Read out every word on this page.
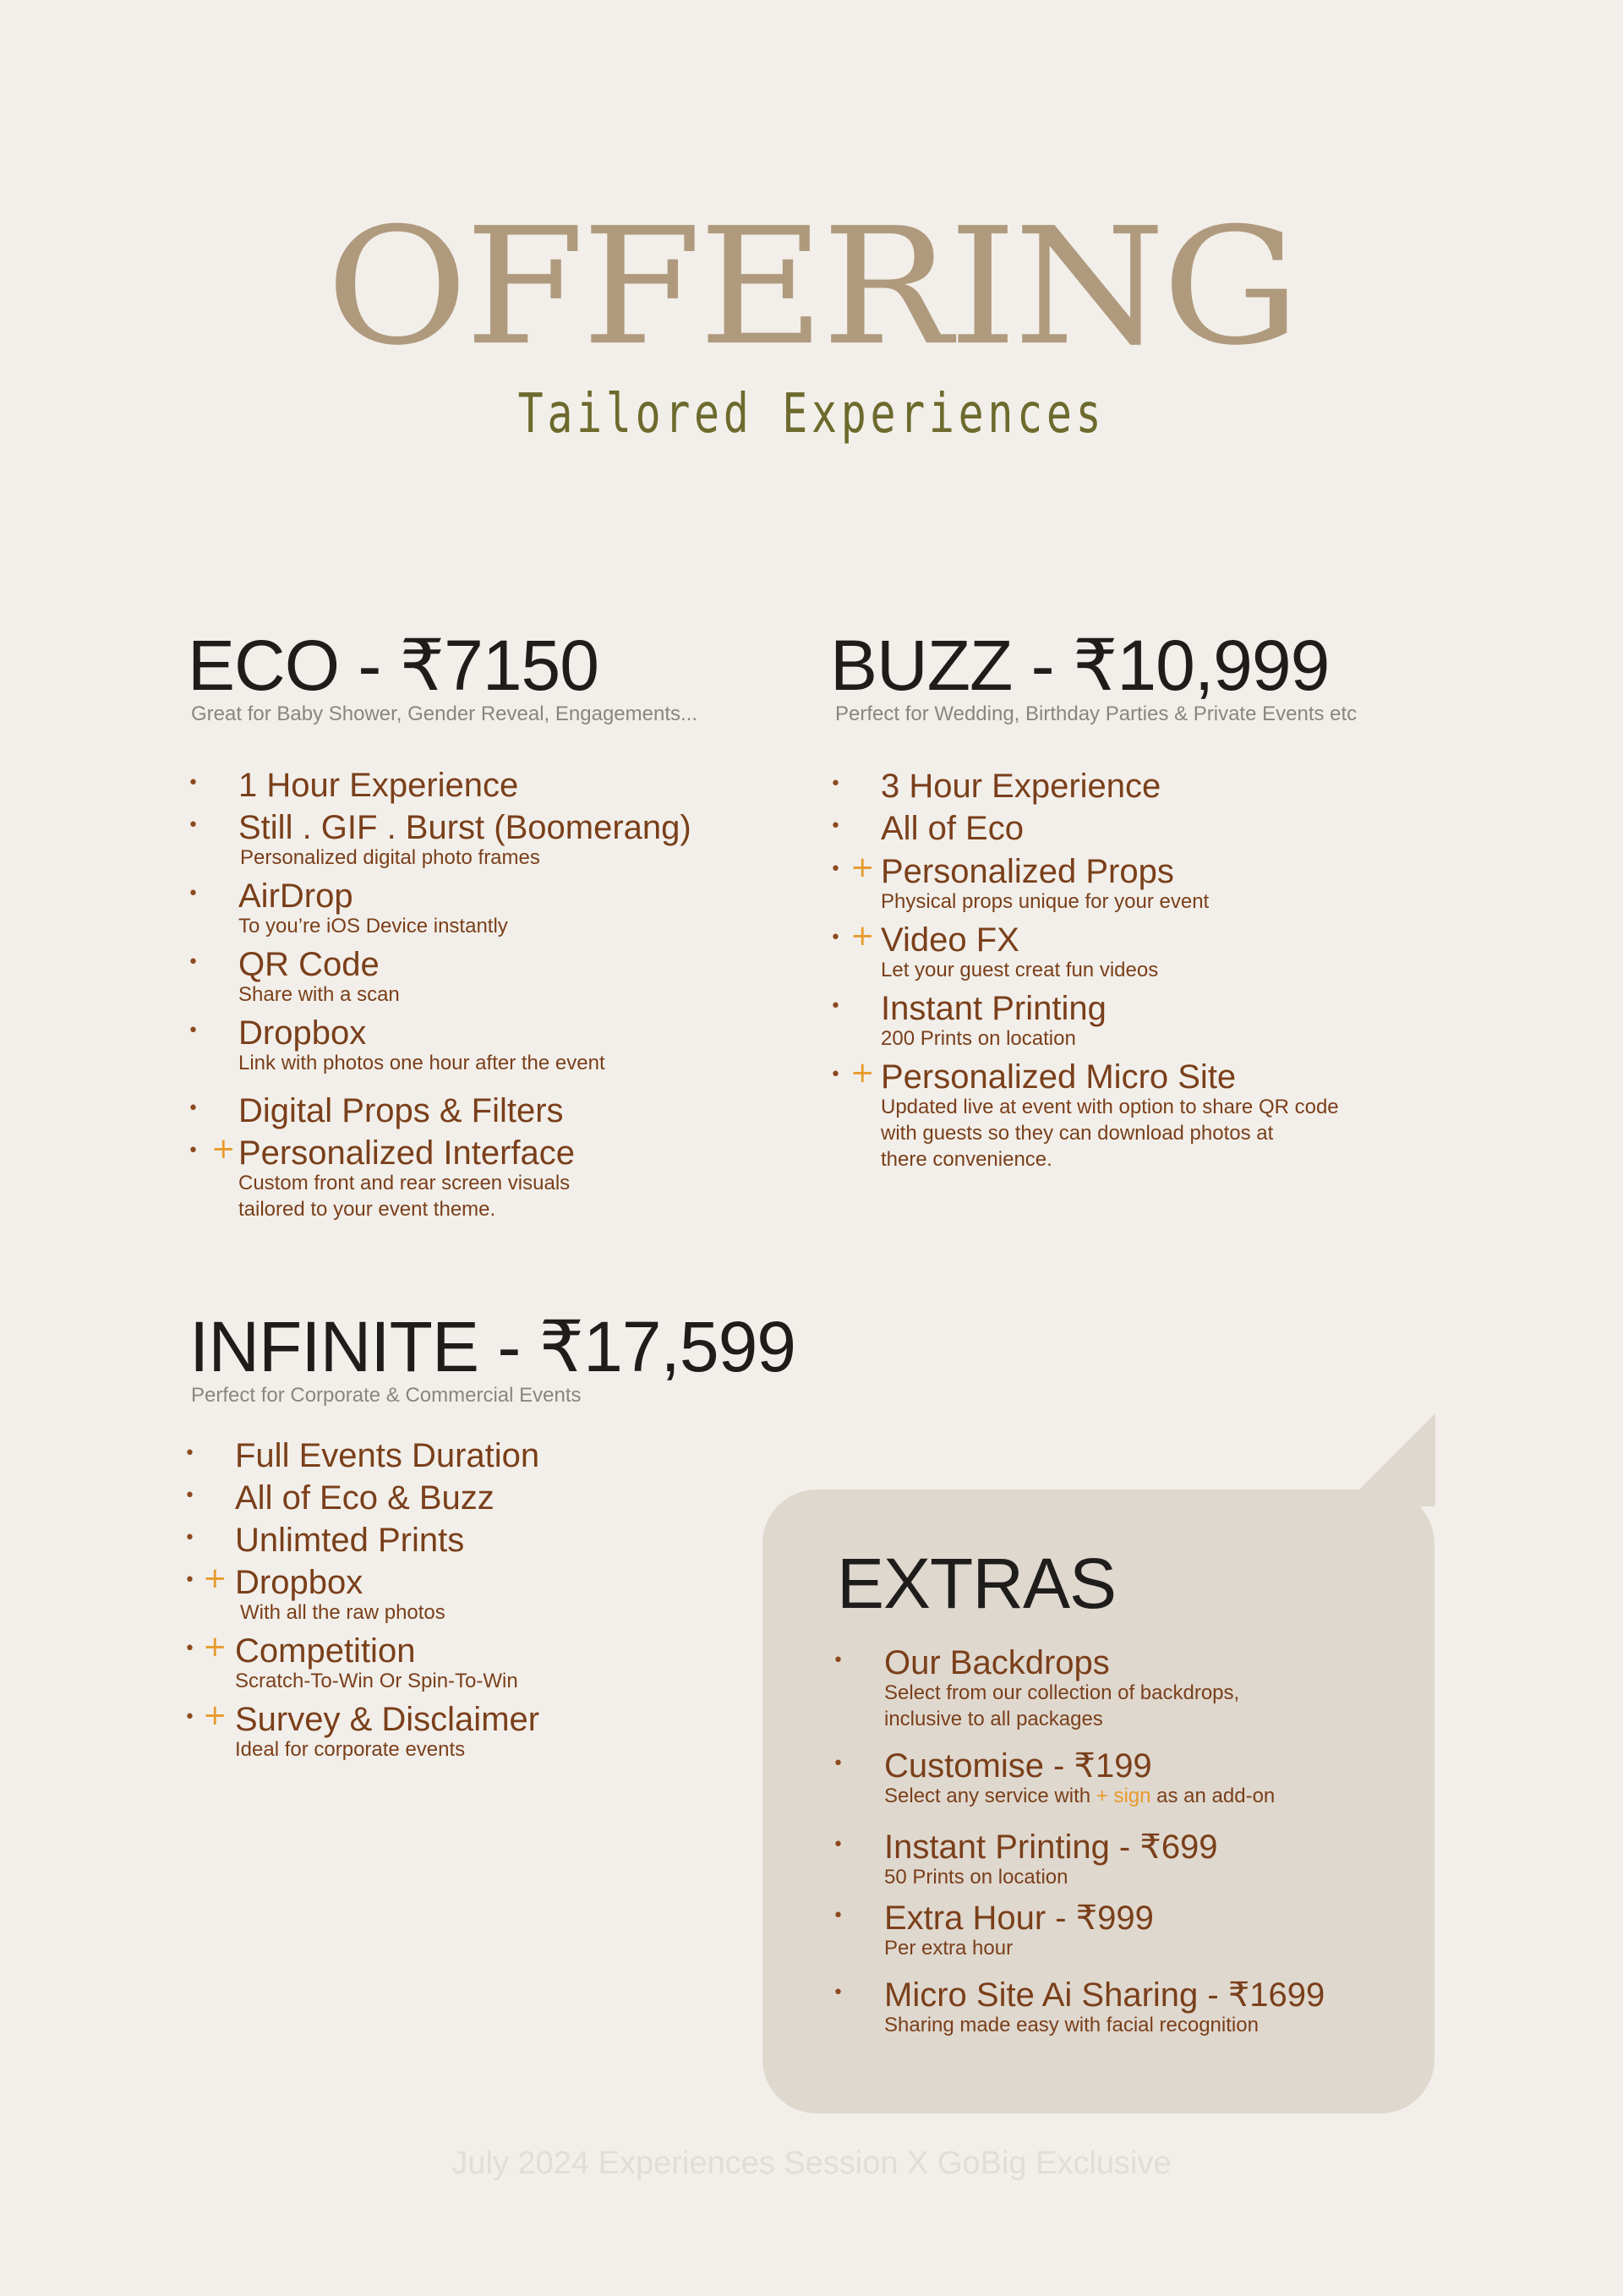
OFFERING
Tailored Experiences
ECO - ₹7150
Great for Baby Shower, Gender Reveal, Engagements...
• 1 Hour Experience
• Still . GIF . Burst (Boomerang)
Personalized digital photo frames
• AirDrop
To you’re iOS Device instantly
• QR Code
Share with a scan
• Dropbox
Link with photos one hour after the event
• Digital Props & Filters
• + Personalized Interface
Custom front and rear screen visuals
tailored to your event theme.
BUZZ - ₹10,999
Perfect for Wedding, Birthday Parties & Private Events etc
• 3 Hour Experience
• All of Eco
• + Personalized Props
Physical props unique for your event
• + Video FX
Let your guest creat fun videos
• Instant Printing
200 Prints on location
• + Personalized Micro Site
Updated live at event with option to share QR code
with guests so they can download photos at
there convenience.
INFINITE - ₹17,599
Perfect for Corporate & Commercial Events
• Full Events Duration
• All of Eco & Buzz
• Unlimted Prints
• + Dropbox
With all the raw photos
• + Competition
Scratch-To-Win Or Spin-To-Win
• + Survey & Disclaimer
Ideal for corporate events
EXTRAS
• Our Backdrops
Select from our collection of backdrops,
inclusive to all packages
• Customise - ₹199
Select any service with + sign as an add-on
• Instant Printing - ₹699
50 Prints on location
• Extra Hour - ₹999
Per extra hour
• Micro Site Ai Sharing - ₹1699
Sharing made easy with facial recognition
July 2024 Experiences Session X GoBig Exclusive
